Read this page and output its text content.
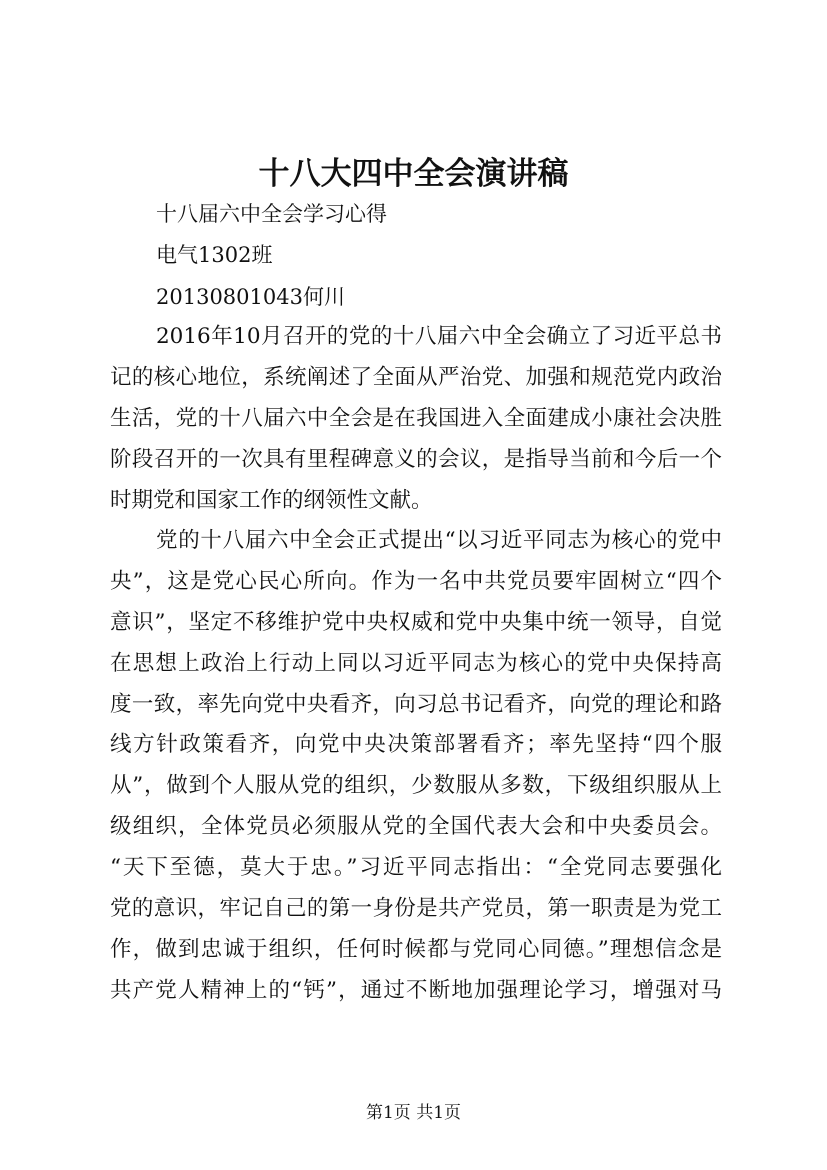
十八大四中全会演讲稿
十八届六中全会学习心得
电气1302班
20130801043何川
2016年10月召开的党的十八届六中全会确立了习近平总书
记的核心地位，系统阐述了全面从严治党、加强和规范党内政治
生活，党的十八届六中全会是在我国进入全面建成小康社会决胜
阶段召开的一次具有里程碑意义的会议，是指导当前和今后一个
时期党和国家工作的纲领性文献。
党的十八届六中全会正式提出“以习近平同志为核心的党中
央”，这是党心民心所向。作为一名中共党员要牢固树立“四个
意识”，坚定不移维护党中央权威和党中央集中统一领导，自觉
在思想上政治上行动上同以习近平同志为核心的党中央保持高
度一致，率先向党中央看齐，向习总书记看齐，向党的理论和路
线方针政策看齐，向党中央决策部署看齐；率先坚持“四个服
从”，做到个人服从党的组织，少数服从多数，下级组织服从上
级组织，全体党员必须服从党的全国代表大会和中央委员会。
“天下至德，莫大于忠。”习近平同志指出：“全党同志要强化
党的意识，牢记自己的第一身份是共产党员，第一职责是为党工
作，做到忠诚于组织，任何时候都与党同心同德。”理想信念是
共产党人精神上的“钙”，通过不断地加强理论学习，增强对马
第1页 共1页
